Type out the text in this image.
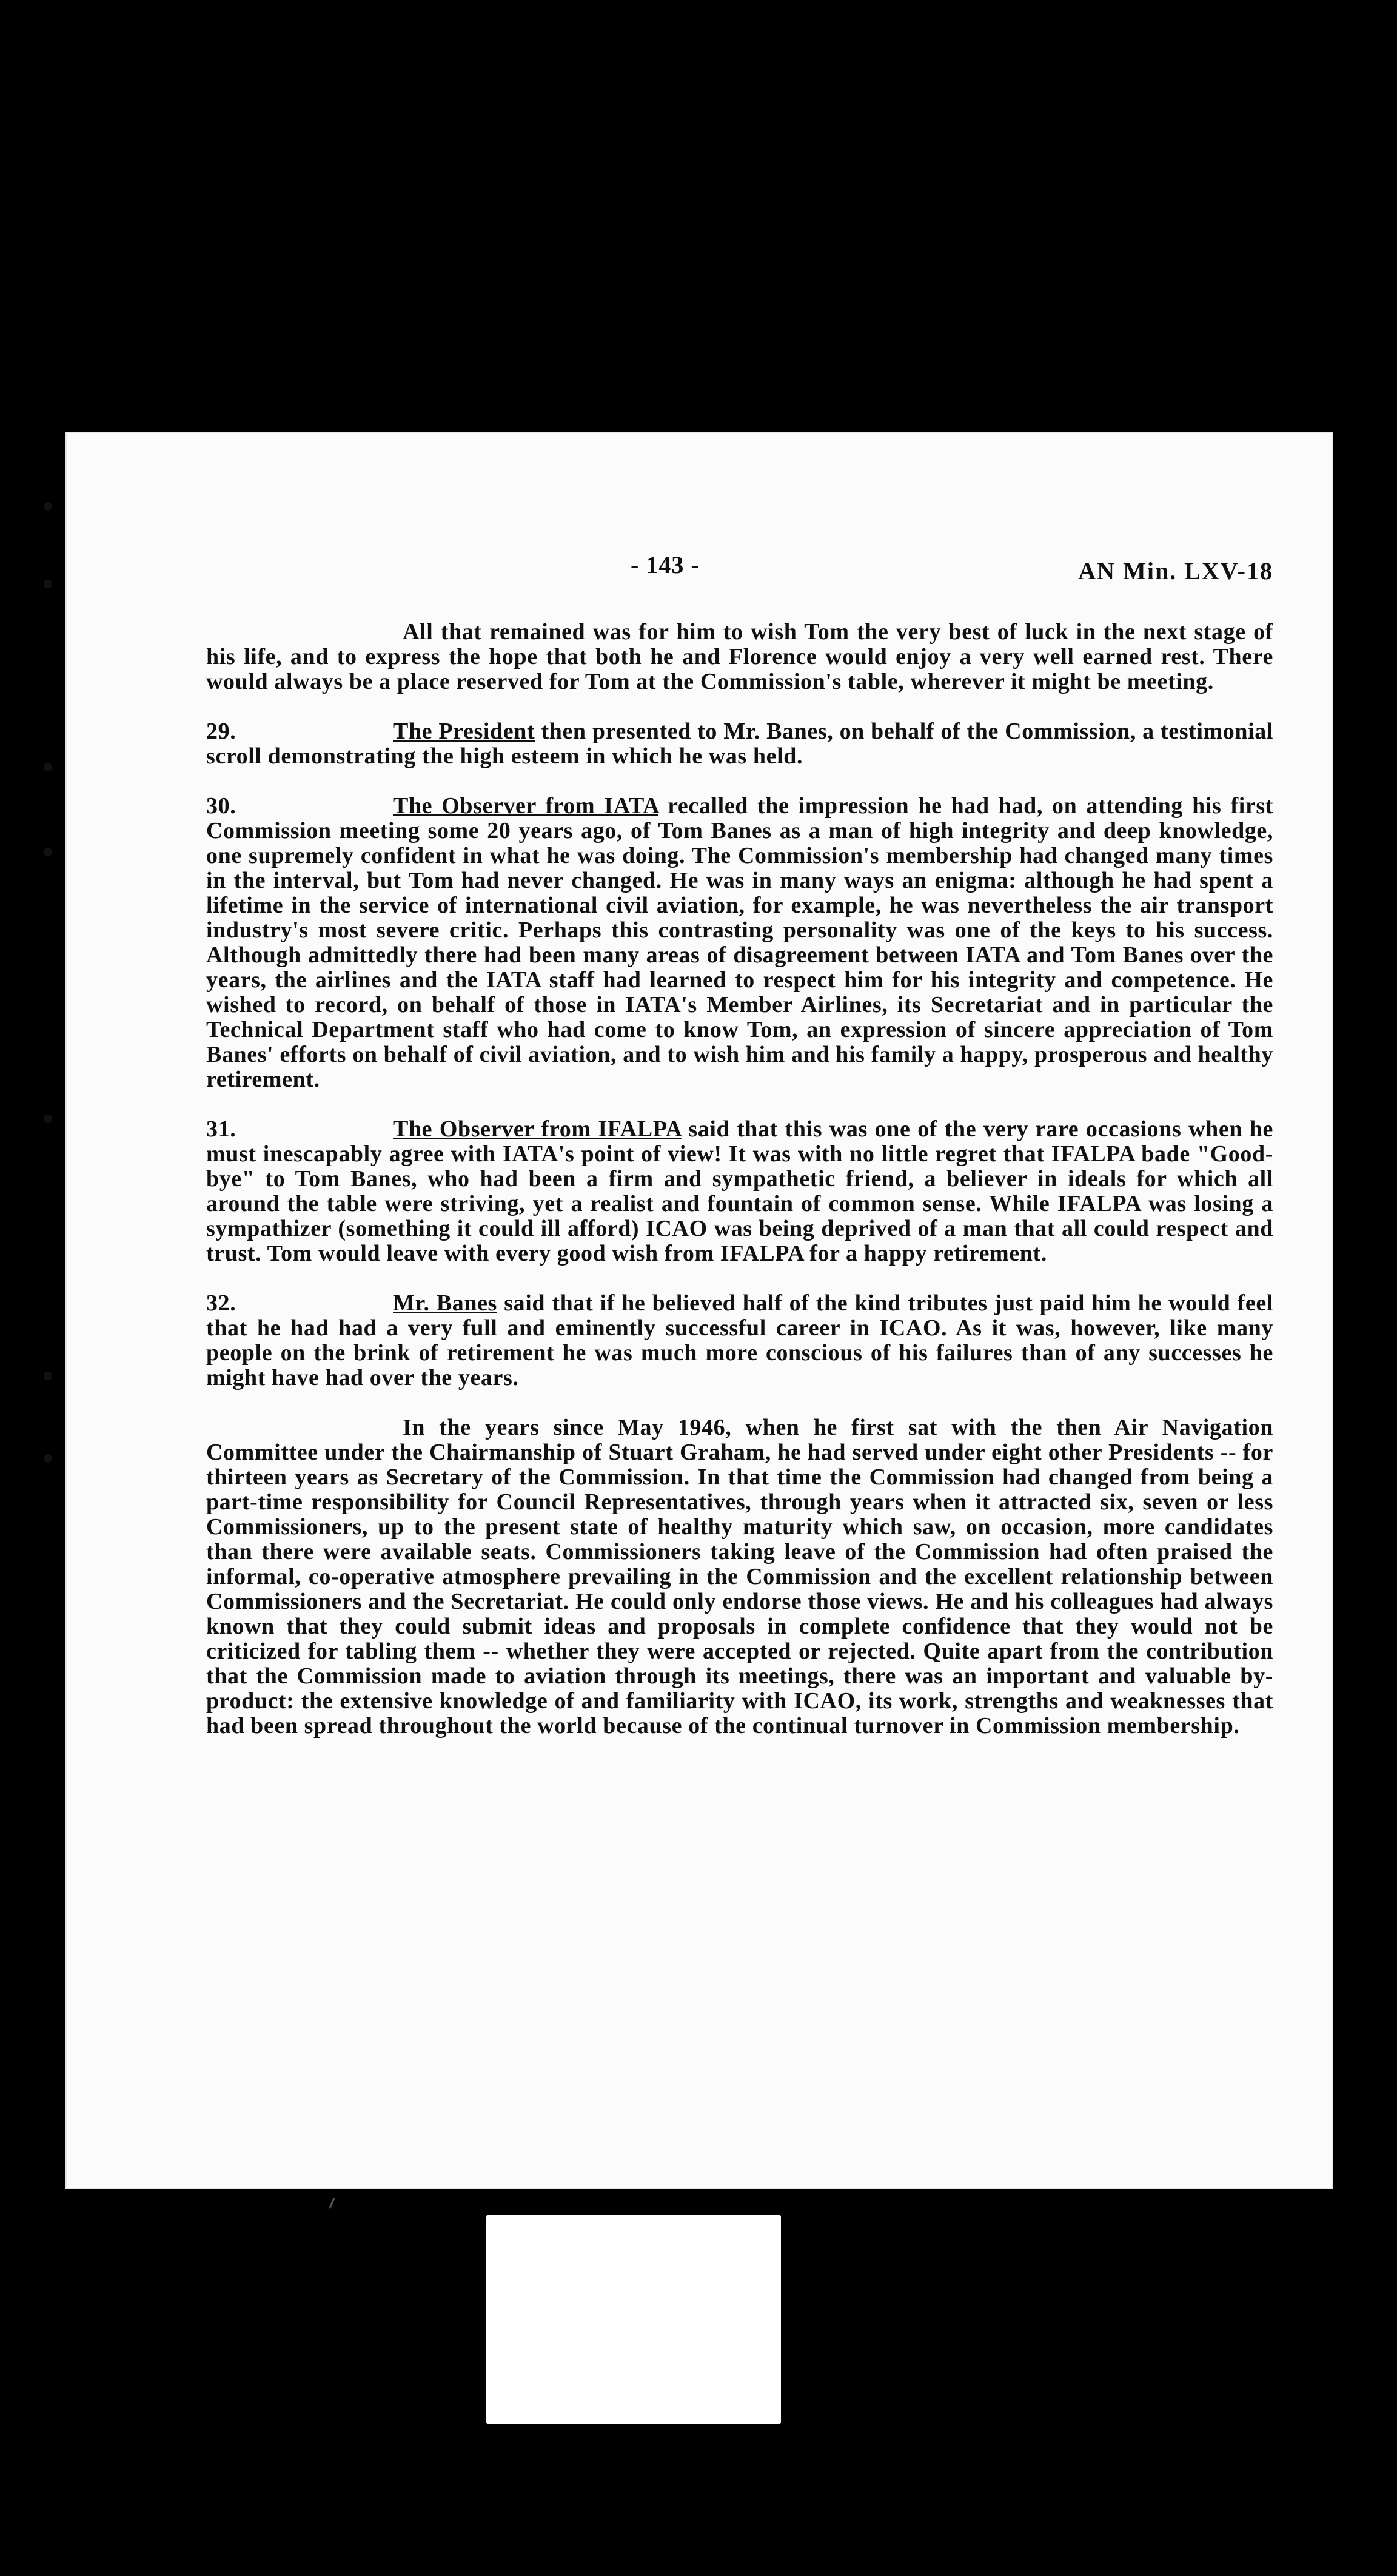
- 143 -	AN Min. LXV-18

All that remained was for him to wish Tom the very best of luck in the next stage of his life, and to express the hope that both he and Florence would enjoy a very well earned rest. There would always be a place reserved for Tom at the Commission's table, wherever it might be meeting.

29.	The President then presented to Mr. Banes, on behalf of the Commission, a testimonial scroll demonstrating the high esteem in which he was held.

30.	The Observer from IATA recalled the impression he had had, on attending his first Commission meeting some 20 years ago, of Tom Banes as a man of high integrity and deep knowledge, one supremely confident in what he was doing. The Commission's membership had changed many times in the interval, but Tom had never changed. He was in many ways an enigma: although he had spent a lifetime in the service of international civil aviation, for example, he was nevertheless the air transport industry's most severe critic. Perhaps this contrasting personality was one of the keys to his success. Although admittedly there had been many areas of disagreement between IATA and Tom Banes over the years, the airlines and the IATA staff had learned to respect him for his integrity and competence. He wished to record, on behalf of those in IATA's Member Airlines, its Secretariat and in particular the Technical Department staff who had come to know Tom, an expression of sincere appreciation of Tom Banes' efforts on behalf of civil aviation, and to wish him and his family a happy, prosperous and healthy retirement.

31.	The Observer from IFALPA said that this was one of the very rare occasions when he must inescapably agree with IATA's point of view! It was with no little regret that IFALPA bade "Good-bye" to Tom Banes, who had been a firm and sympathetic friend, a believer in ideals for which all around the table were striving, yet a realist and fountain of common sense. While IFALPA was losing a sympathizer (something it could ill afford) ICAO was being deprived of a man that all could respect and trust. Tom would leave with every good wish from IFALPA for a happy retirement.

32.	Mr. Banes said that if he believed half of the kind tributes just paid him he would feel that he had had a very full and eminently successful career in ICAO. As it was, however, like many people on the brink of retirement he was much more conscious of his failures than of any successes he might have had over the years.

In the years since May 1946, when he first sat with the then Air Navigation Committee under the Chairmanship of Stuart Graham, he had served under eight other Presidents -- for thirteen years as Secretary of the Commission. In that time the Commission had changed from being a part-time responsibility for Council Representatives, through years when it attracted six, seven or less Commissioners, up to the present state of healthy maturity which saw, on occasion, more candidates than there were available seats. Commissioners taking leave of the Commission had often praised the informal, co-operative atmosphere prevailing in the Commission and the excellent relationship between Commissioners and the Secretariat. He could only endorse those views. He and his colleagues had always known that they could submit ideas and proposals in complete confidence that they would not be criticized for tabling them -- whether they were accepted or rejected. Quite apart from the contribution that the Commission made to aviation through its meetings, there was an important and valuable by-product: the extensive knowledge of and familiarity with ICAO, its work, strengths and weaknesses that had been spread throughout the world because of the continual turnover in Commission membership.
